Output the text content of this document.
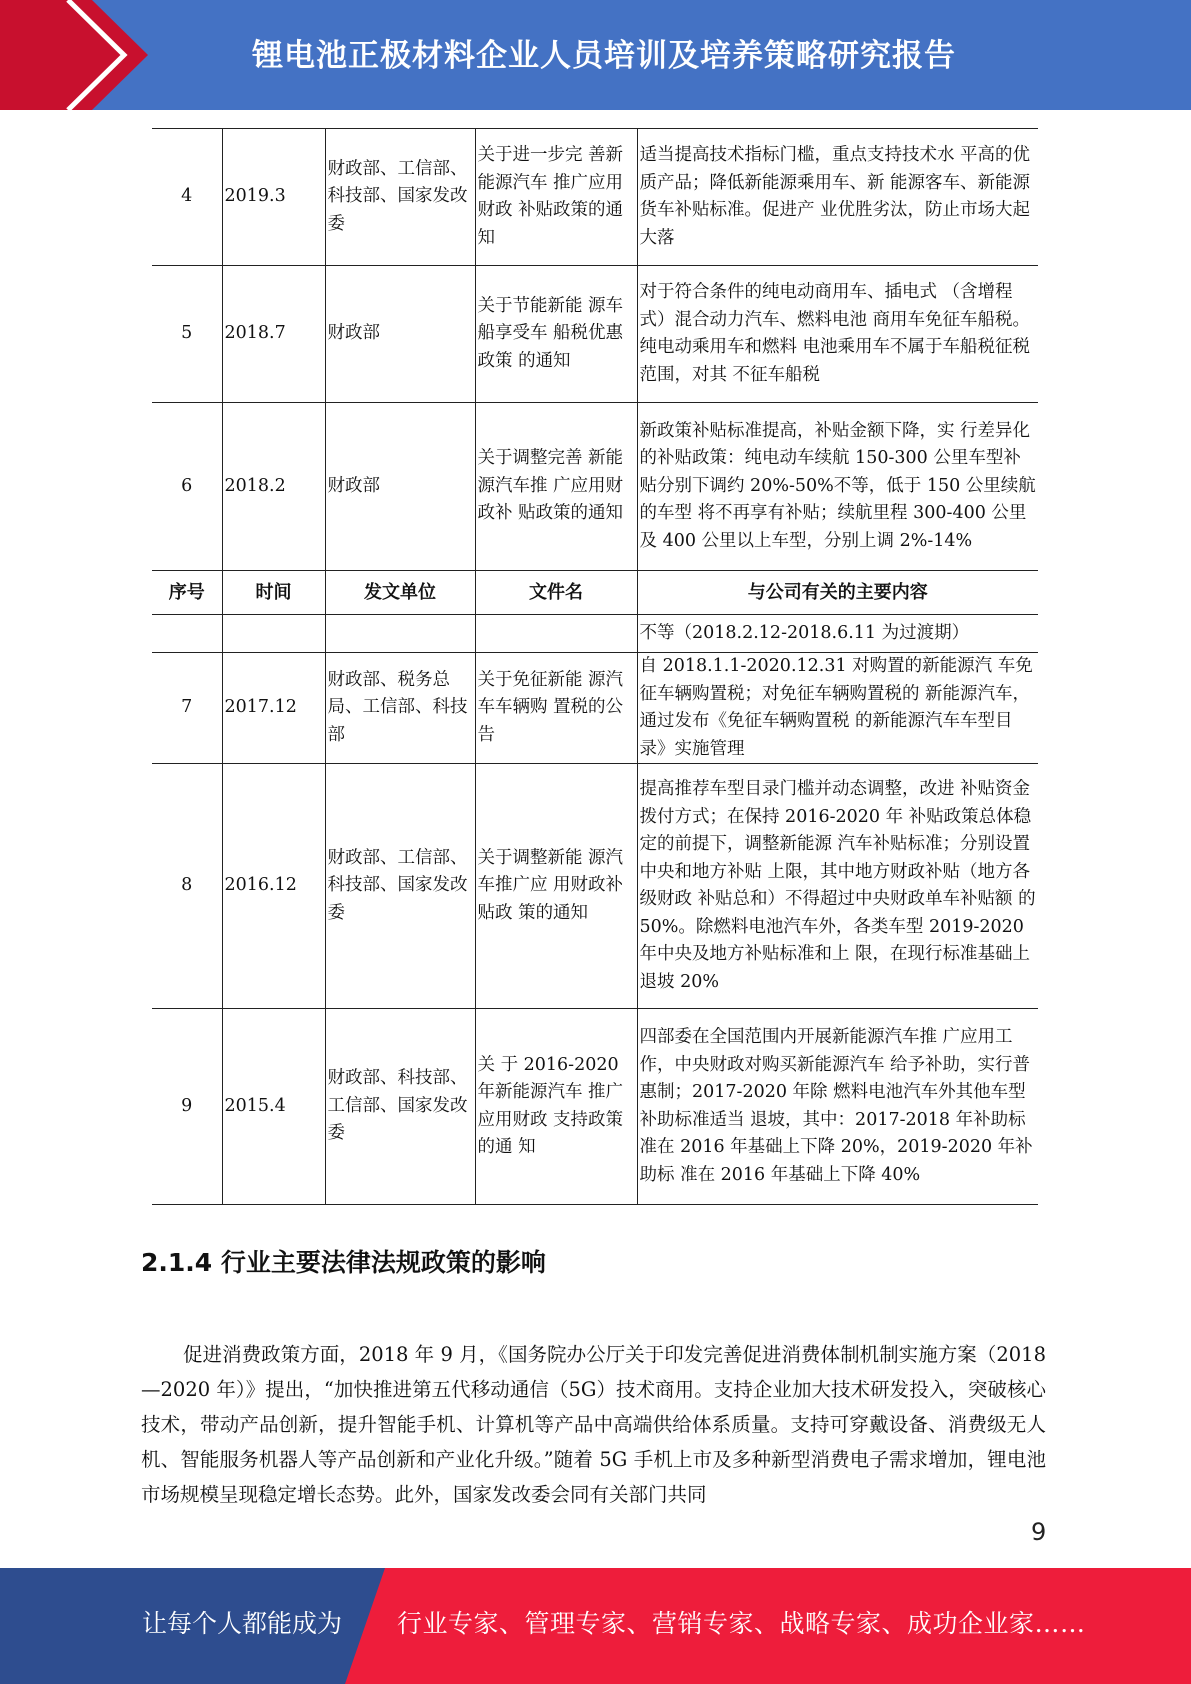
锂电池正极材料企业人员培训及培养策略研究报告
4	2019.3	财政部、工信部、科技部、国家发改委	关于进一步完 善新能源汽车 推广应用财政 补贴政策的通 知	适当提高技术指标门槛，重点支持技术水 平高的优质产品；降低新能源乘用车、新 能源客车、新能源货车补贴标准。促进产 业优胜劣汰，防止市场大起大落
5	2018.7	财政部	关于节能新能 源车船享受车 船税优惠政策 的通知	对于符合条件的纯电动商用车、插电式 （含增程式）混合动力汽车、燃料电池 商用车免征车船税。纯电动乘用车和燃料 电池乘用车不属于车船税征税范围，对其 不征车船税
6	2018.2	财政部	关于调整完善 新能源汽车推 广应用财政补 贴政策的通知	新政策补贴标准提高，补贴金额下降，实 行差异化的补贴政策：纯电动车续航 150-300 公里车型补贴分别下调约 20%-50%不等，低于 150 公里续航的车型 将不再享有补贴；续航里程 300-400 公里 及 400 公里以上车型，分别上调 2%-14%
序号	时间	发文单位	文件名	与公司有关的主要内容
				不等（2018.2.12-2018.6.11 为过渡期）
7	2017.12	财政部、税务总局、工信部、科技部	关于免征新能 源汽车车辆购 置税的公告	自 2018.1.1-2020.12.31 对购置的新能源汽 车免征车辆购置税；对免征车辆购置税的 新能源汽车，通过发布《免征车辆购置税 的新能源汽车车型目录》实施管理
8	2016.12	财政部、工信部、科技部、国家发改委	关于调整新能 源汽车推广应 用财政补贴政 策的通知	提高推荐车型目录门槛并动态调整，改进 补贴资金拨付方式；在保持 2016-2020 年 补贴政策总体稳定的前提下，调整新能源 汽车补贴标准；分别设置中央和地方补贴 上限，其中地方财政补贴（地方各级财政 补贴总和）不得超过中央财政单车补贴额 的 50%。除燃料电池汽车外，各类车型 2019-2020 年中央及地方补贴标准和上 限，在现行标准基础上退坡 20%
9	2015.4	财政部、科技部、工信部、国家发改委	关 于 2016-2020 年新能源汽车 推广应用财政 支持政策的通 知	四部委在全国范围内开展新能源汽车推 广应用工作，中央财政对购买新能源汽车 给予补助，实行普惠制；2017-2020 年除 燃料电池汽车外其他车型补助标准适当 退坡，其中：2017-2018 年补助标准在 2016 年基础上下降 20%，2019-2020 年补助标 准在 2016 年基础上下降 40%
2.1.4 行业主要法律法规政策的影响

促进消费政策方面，2018 年 9 月，《国务院办公厅关于印发完善促进消费体制机制实施方案（2018—2020 年）》提出，“加快推进第五代移动通信（5G）技术商用。支持企业加大技术研发投入，突破核心技术，带动产品创新，提升智能手机、计算机等产品中高端供给体系质量。支持可穿戴设备、消费级无人机、智能服务机器人等产品创新和产业化升级。”随着 5G 手机上市及多种新型消费电子需求增加，锂电池市场规模呈现稳定增长态势。此外，国家发改委会同有关部门共同

9
让每个人都能成为 行业专家、管理专家、营销专家、战略专家、成功企业家……
